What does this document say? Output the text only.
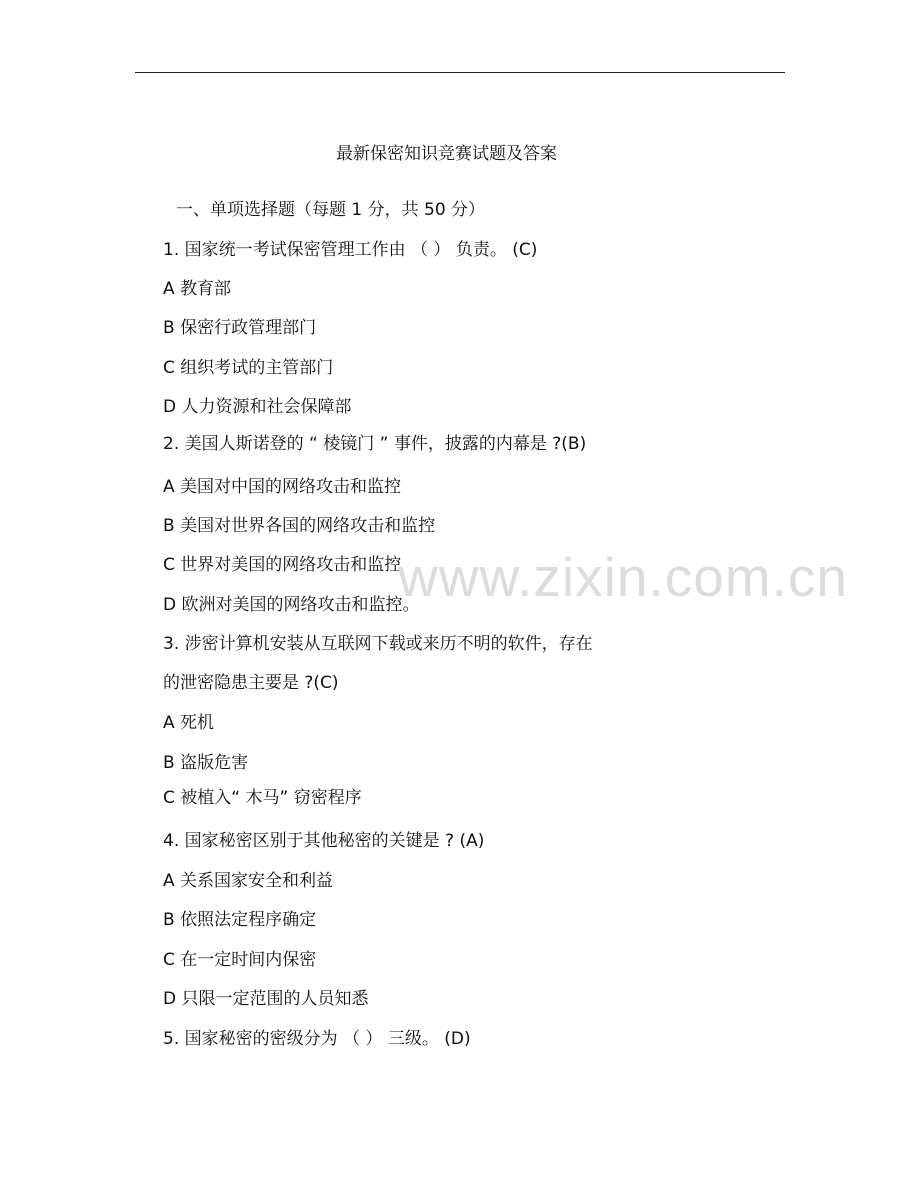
最新保密知识竞赛试题及答案
一、单项选择题（每题 1 分，共 50 分）
1. 国家统一考试保密管理工作由 （ ） 负责。 (C)
A 教育部
B 保密行政管理部门
C 组织考试的主管部门
D 人力资源和社会保障部
2. 美国人斯诺登的 “ 棱镜门 ” 事件，披露的内幕是 ?(B)
A 美国对中国的网络攻击和监控
B 美国对世界各国的网络攻击和监控
C 世界对美国的网络攻击和监控
D 欧洲对美国的网络攻击和监控。
3. 涉密计算机安装从互联网下载或来历不明的软件，存在
的泄密隐患主要是 ?(C)
A 死机
B 盗版危害
C 被植入“ 木马” 窃密程序
4. 国家秘密区别于其他秘密的关键是 ? (A)
A 关系国家安全和利益
B 依照法定程序确定
C 在一定时间内保密
D 只限一定范围的人员知悉
5. 国家秘密的密级分为 （ ） 三级。 (D)
www.zixin.com.cn
